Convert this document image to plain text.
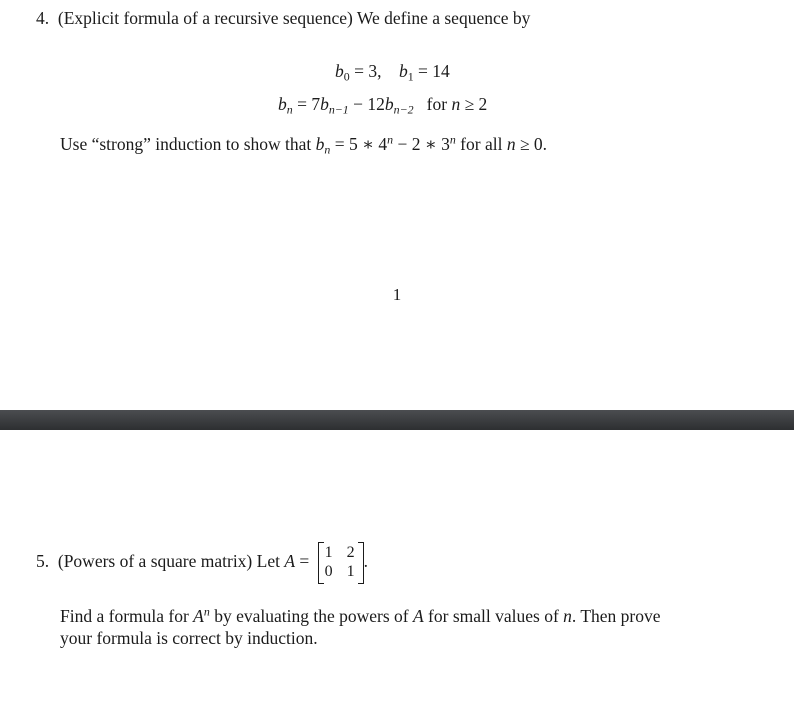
4. (Explicit formula of a recursive sequence) We define a sequence by
$b_0 = 3$, $b_1 = 14$
$b_n = 7b_{n-1} - 12b_{n-2}$ for n ≥ 2
Use “strong” induction to show that $b_n = 5$ ∗ $4^n - 2$ ∗ 3$^n$ for all n ≥ 0.
1
5. (Powers of a square matrix) Let A = 1 2
0 1
.
Find a formula for $A^n$ by evaluating the powers of A for small values of n. Then prove
your formula is correct by induction.
